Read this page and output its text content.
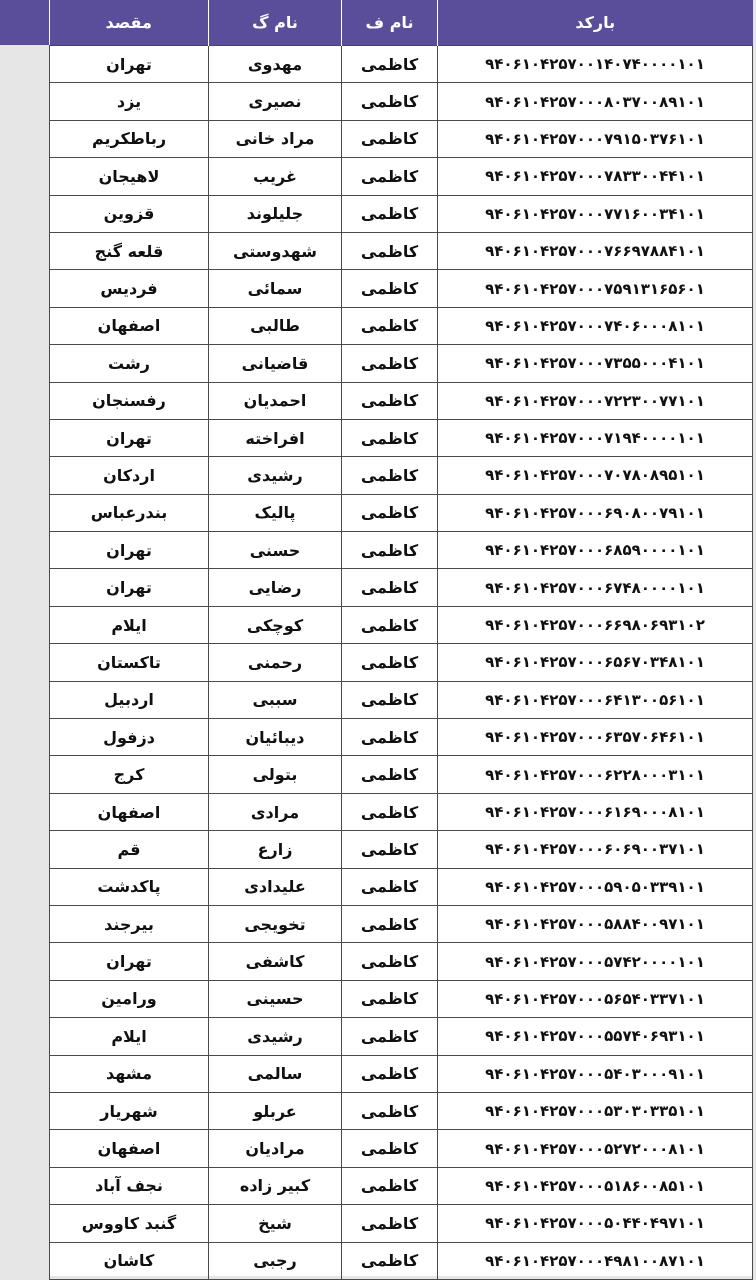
مقصد	نام گ	نام ف	بارکد
تهران	مهدوی	کاظمی	۹۴۰۶۱۰۴۲۵۷۰۰۱۴۰۷۴۰۰۰۰۱۰۱
یزد	نصیری	کاظمی	۹۴۰۶۱۰۴۲۵۷۰۰۰۸۰۳۷۰۰۸۹۱۰۱
رباطکریم	مراد خانی	کاظمی	۹۴۰۶۱۰۴۲۵۷۰۰۰۷۹۱۵۰۳۷۶۱۰۱
لاهیجان	غریب	کاظمی	۹۴۰۶۱۰۴۲۵۷۰۰۰۷۸۳۳۰۰۴۴۱۰۱
قزوین	جلیلوند	کاظمی	۹۴۰۶۱۰۴۲۵۷۰۰۰۷۷۱۶۰۰۳۴۱۰۱
قلعه گنج	شهدوستی	کاظمی	۹۴۰۶۱۰۴۲۵۷۰۰۰۷۶۶۹۷۸۸۴۱۰۱
فردیس	سمائی	کاظمی	۹۴۰۶۱۰۴۲۵۷۰۰۰۷۵۹۱۳۱۶۵۶۰۱
اصفهان	طالبی	کاظمی	۹۴۰۶۱۰۴۲۵۷۰۰۰۷۴۰۶۰۰۰۸۱۰۱
رشت	قاضیانی	کاظمی	۹۴۰۶۱۰۴۲۵۷۰۰۰۷۳۵۵۰۰۰۴۱۰۱
رفسنجان	احمدیان	کاظمی	۹۴۰۶۱۰۴۲۵۷۰۰۰۷۲۲۳۰۰۷۷۱۰۱
تهران	افراخته	کاظمی	۹۴۰۶۱۰۴۲۵۷۰۰۰۷۱۹۴۰۰۰۰۱۰۱
اردکان	رشیدی	کاظمی	۹۴۰۶۱۰۴۲۵۷۰۰۰۷۰۷۸۰۸۹۵۱۰۱
بندرعباس	پالیک	کاظمی	۹۴۰۶۱۰۴۲۵۷۰۰۰۶۹۰۸۰۰۷۹۱۰۱
تهران	حسنی	کاظمی	۹۴۰۶۱۰۴۲۵۷۰۰۰۶۸۵۹۰۰۰۰۱۰۱
تهران	رضایی	کاظمی	۹۴۰۶۱۰۴۲۵۷۰۰۰۶۷۴۸۰۰۰۰۱۰۱
ایلام	کوچکی	کاظمی	۹۴۰۶۱۰۴۲۵۷۰۰۰۶۶۹۸۰۶۹۳۱۰۲
تاکستان	رحمنی	کاظمی	۹۴۰۶۱۰۴۲۵۷۰۰۰۶۵۶۷۰۳۴۸۱۰۱
اردبیل	سببی	کاظمی	۹۴۰۶۱۰۴۲۵۷۰۰۰۶۴۱۳۰۰۵۶۱۰۱
دزفول	دیبائیان	کاظمی	۹۴۰۶۱۰۴۲۵۷۰۰۰۶۳۵۷۰۶۴۶۱۰۱
کرج	بتولی	کاظمی	۹۴۰۶۱۰۴۲۵۷۰۰۰۶۲۲۸۰۰۰۳۱۰۱
اصفهان	مرادی	کاظمی	۹۴۰۶۱۰۴۲۵۷۰۰۰۶۱۶۹۰۰۰۸۱۰۱
قم	زارع	کاظمی	۹۴۰۶۱۰۴۲۵۷۰۰۰۶۰۶۹۰۰۳۷۱۰۱
پاکدشت	علیدادی	کاظمی	۹۴۰۶۱۰۴۲۵۷۰۰۰۵۹۰۵۰۳۳۹۱۰۱
بیرجند	تخویجی	کاظمی	۹۴۰۶۱۰۴۲۵۷۰۰۰۵۸۸۴۰۰۹۷۱۰۱
تهران	کاشفی	کاظمی	۹۴۰۶۱۰۴۲۵۷۰۰۰۵۷۴۲۰۰۰۰۱۰۱
ورامین	حسینی	کاظمی	۹۴۰۶۱۰۴۲۵۷۰۰۰۵۶۵۴۰۳۳۷۱۰۱
ایلام	رشیدی	کاظمی	۹۴۰۶۱۰۴۲۵۷۰۰۰۵۵۷۴۰۶۹۳۱۰۱
مشهد	سالمی	کاظمی	۹۴۰۶۱۰۴۲۵۷۰۰۰۵۴۰۳۰۰۰۹۱۰۱
شهریار	عربلو	کاظمی	۹۴۰۶۱۰۴۲۵۷۰۰۰۵۳۰۳۰۳۳۵۱۰۱
اصفهان	مرادیان	کاظمی	۹۴۰۶۱۰۴۲۵۷۰۰۰۵۲۷۲۰۰۰۸۱۰۱
نجف آباد	کبیر زاده	کاظمی	۹۴۰۶۱۰۴۲۵۷۰۰۰۵۱۸۶۰۰۸۵۱۰۱
گنبد کاووس	شیخ	کاظمی	۹۴۰۶۱۰۴۲۵۷۰۰۰۵۰۴۴۰۴۹۷۱۰۱
کاشان	رجبی	کاظمی	۹۴۰۶۱۰۴۲۵۷۰۰۰۴۹۸۱۰۰۸۷۱۰۱
